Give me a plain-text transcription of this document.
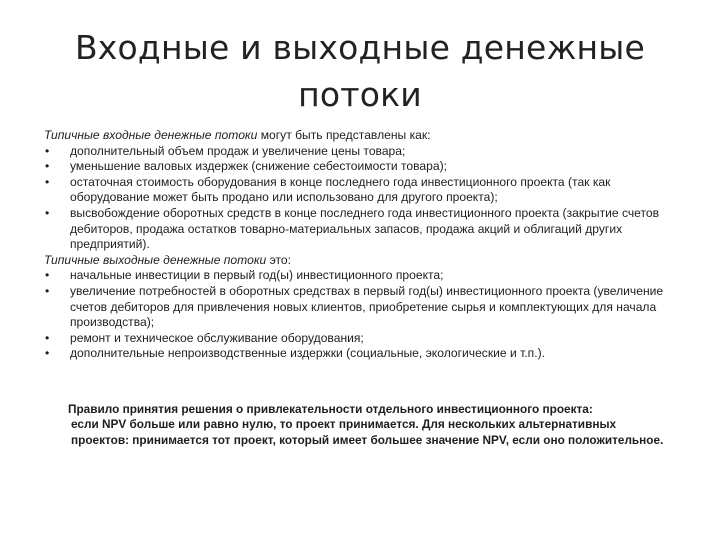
Входные и выходные денежные
потоки

Типичные входные денежные потоки могут быть представлены как:

•	дополнительный объем продаж и увеличение цены товара;
•	уменьшение валовых издержек (снижение себестоимости товара);
•	остаточная стоимость оборудования в конце последнего года инвестиционного проекта (так как оборудование может быть продано или использовано для другого проекта);
•	высвобождение оборотных средств в конце последнего года инвестиционного проекта (закрытие счетов дебиторов, продажа остатков товарно-материальных запасов, продажа акций и облигаций других предприятий).

Типичные выходные денежные потоки это:

•	начальные инвестиции в первый год(ы) инвестиционного проекта;
•	увеличение потребностей в оборотных средствах в первый год(ы) инвестиционного проекта (увеличение счетов дебиторов для привлечения новых клиентов, приобретение сырья и комплектующих для начала производства);
•	ремонт и техническое обслуживание оборудования;
•	дополнительные непроизводственные издержки (социальные, экологические и т.п.).
Правило принятия решения о привлекательности отдельного инвестиционного проекта:
если NPV больше или равно нулю, то проект принимается. Для нескольких альтернативных проектов: принимается тот проект, который имеет большее значение NPV, если оно положительное.
